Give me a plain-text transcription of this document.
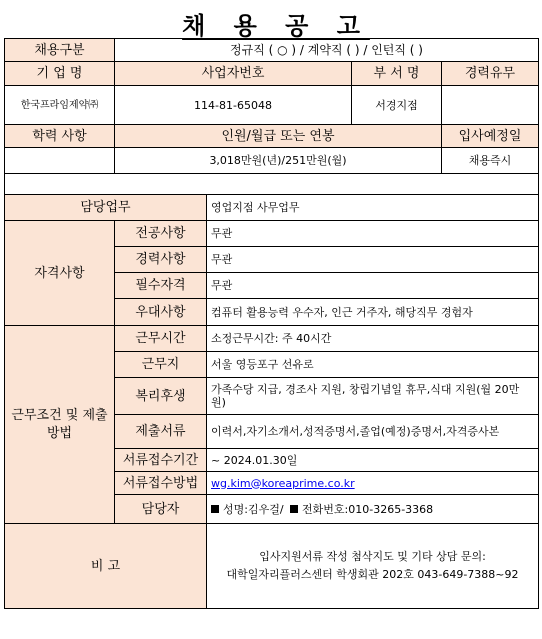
채 용 공 고
채용구분	정규직 ( ○ ) / 계약직 ( ) / 인턴직 ( )			
기 업 명	사업자번호		부 서 명	경력유무
한국프라임제약㈜	114-81-65048		서경지점	
학력 사항	인원/월급 또는 연봉			입사예정일
	3,018만원(년)/251만원(월)			채용즉시

담당업무		영업지점 사무업무		
자격사항	전공사항	무관		
	경력사항	무관		
	필수자격	무관		
	우대사항	컴퓨터 활용능력 우수자, 인근 거주자, 해당직무 경험자		
근무조건 및 제출방법	근무시간	소정근무시간: 주 40시간		
	근무지	서울 영등포구 선유로		
	복리후생	가족수당 지급, 경조사 지원, 창립기념일 휴무,식대 지원(월 20만원)		
	제출서류	이력서,자기소개서,성적증명서,졸업(예정)증명서,자격증사본		
	서류접수기간	~ 2024.01.30일		
	서류접수방법	wg.kim@koreaprime.co.kr		
	담당자	성명:김우걸/ 전화번호:010-3265-3368		
비 고		입사지원서류 작성 첨삭지도 및 기타 상담 문의:
대학일자리플러스센터 학생회관 202호 043-649-7388~92		
